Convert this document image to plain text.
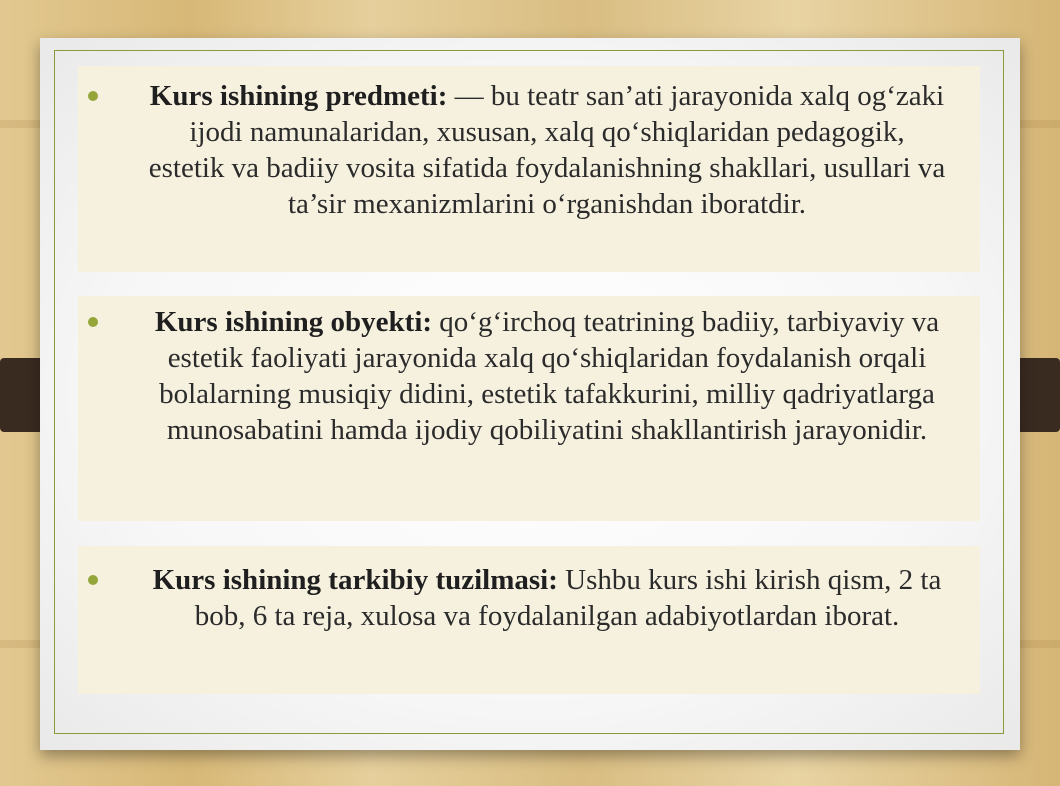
Kurs ishining predmeti: — bu teatr san’ati jarayonida xalq og‘zaki ijodi namunalaridan, xususan, xalq qo‘shiqlaridan pedagogik, estetik va badiiy vosita sifatida foydalanishning shakllari, usullari va ta’sir mexanizmlarini o‘rganishdan iboratdir.

Kurs ishining obyekti: qo‘g‘irchoq teatrining badiiy, tarbiyaviy va estetik faoliyati jarayonida xalq qo‘shiqlaridan foydalanish orqali bolalarning musiqiy didini, estetik tafakkurini, milliy qadriyatlarga munosabatini hamda ijodiy qobiliyatini shakllantirish jarayonidir.

Kurs ishining tarkibiy tuzilmasi: Ushbu kurs ishi kirish qism, 2 ta bob, 6 ta reja, xulosa va foydalanilgan adabiyotlardan iborat.
